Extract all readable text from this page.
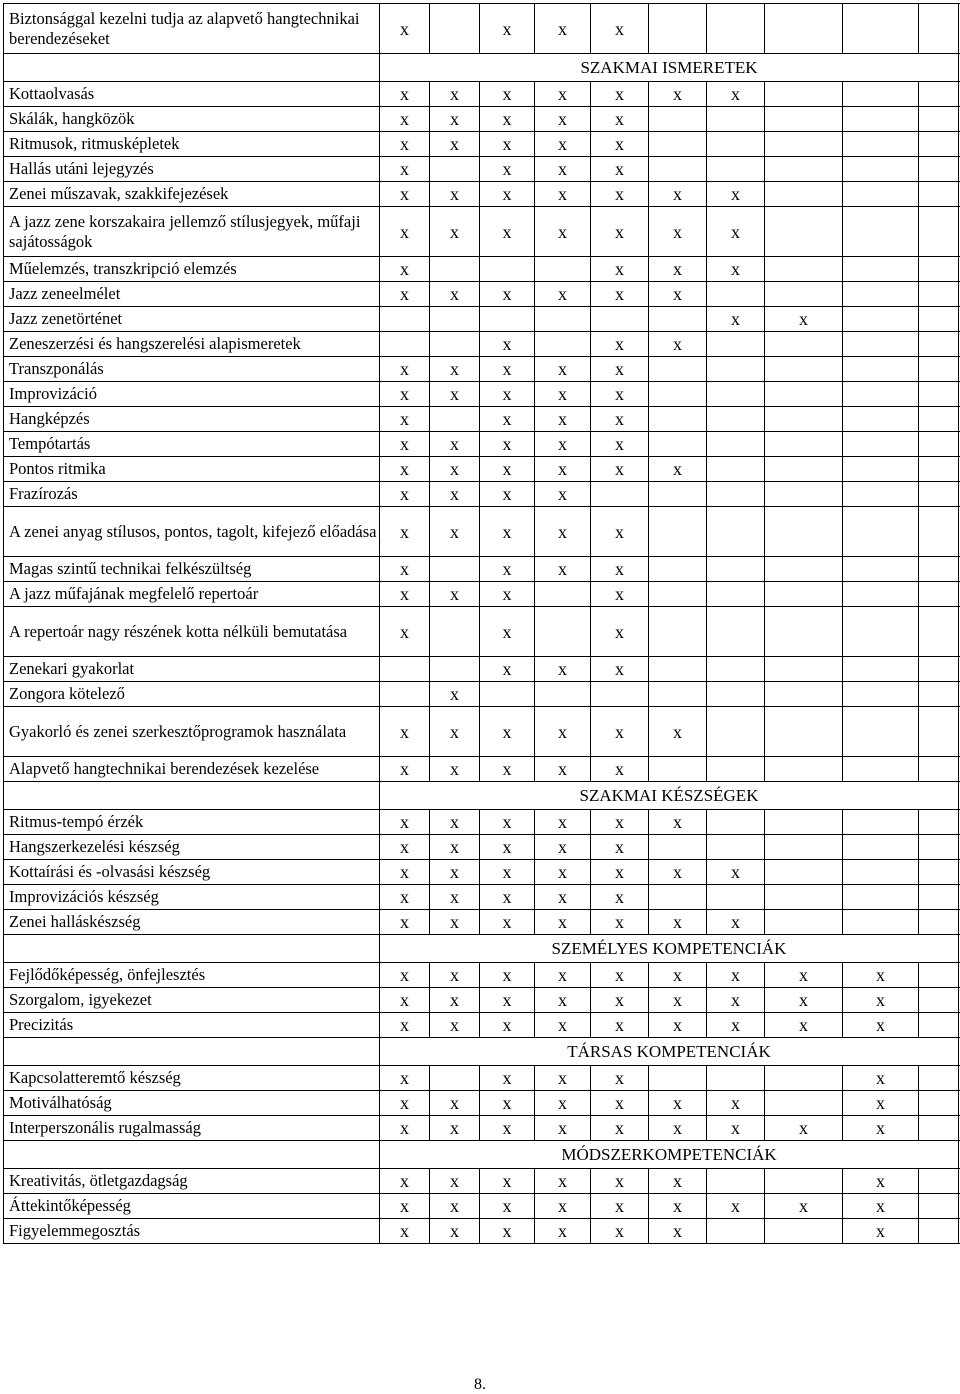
Biztonsággal kezelni tudja az alapvető hangtechnikai berendezéseket	x		x	x	x						
	SZAKMAI ISMERETEK										
Kottaolvasás	x	x	x	x	x	x	x				
Skálák, hangközök	x	x	x	x	x						
Ritmusok, ritmusképletek	x	x	x	x	x						
Hallás utáni lejegyzés	x		x	x	x						
Zenei műszavak, szakkifejezések	x	x	x	x	x	x	x				
A jazz zene korszakaira jellemző stílusjegyek, műfaji sajátosságok	x	x	x	x	x	x	x				
Műelemzés, transzkripció elemzés	x				x	x	x				
Jazz zeneelmélet	x	x	x	x	x	x					
Jazz zenetörténet							x	x			
Zeneszerzési és hangszerelési alapismeretek			x		x	x					
Transzponálás	x	x	x	x	x						
Improvizáció	x	x	x	x	x						
Hangképzés	x		x	x	x						
Tempótartás	x	x	x	x	x						
Pontos ritmika	x	x	x	x	x	x					
Frazírozás	x	x	x	x							
A zenei anyag stílusos, pontos, tagolt, kifejező előadása	x	x	x	x	x						
Magas szintű technikai felkészültség	x		x	x	x						
A jazz műfajának megfelelő repertoár	x	x	x		x						
A repertoár nagy részének kotta nélküli bemutatása	x		x		x						
Zenekari gyakorlat			x	x	x						
Zongora kötelező		x									
Gyakorló és zenei szerkesztőprogramok használata	x	x	x	x	x	x					
Alapvető hangtechnikai berendezések kezelése	x	x	x	x	x						
	SZAKMAI KÉSZSÉGEK										
Ritmus-tempó érzék	x	x	x	x	x	x					
Hangszerkezelési készség	x	x	x	x	x						
Kottaírási és -olvasási készség	x	x	x	x	x	x	x				
Improvizációs készség	x	x	x	x	x						
Zenei halláskészség	x	x	x	x	x	x	x				
	SZEMÉLYES KOMPETENCIÁK										
Fejlődőképesség, önfejlesztés	x	x	x	x	x	x	x	x	x		
Szorgalom, igyekezet	x	x	x	x	x	x	x	x	x		
Precizitás	x	x	x	x	x	x	x	x	x		
	TÁRSAS KOMPETENCIÁK										
Kapcsolatteremtő készség	x		x	x	x				x		
Motiválhatóság	x	x	x	x	x	x	x		x		
Interperszonális rugalmasság	x	x	x	x	x	x	x	x	x		
	MÓDSZERKOMPETENCIÁK										
Kreativitás, ötletgazdagság	x	x	x	x	x	x			x		
Áttekintőképesség	x	x	x	x	x	x	x	x	x		
Figyelemmegosztás	x	x	x	x	x	x			x		
8.
